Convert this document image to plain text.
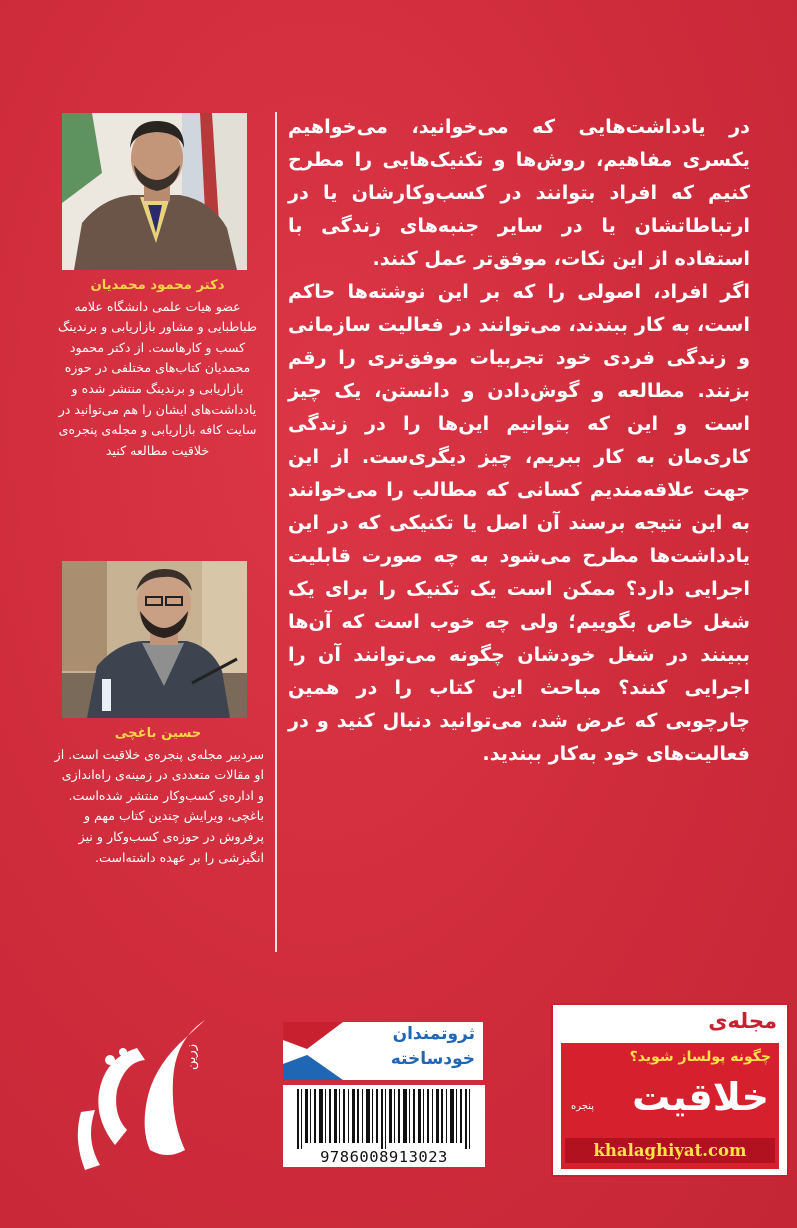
در یادداشت‌هایی که می‌خوانید، می‌خواهیم یکسری مفاهیم، روش‌ها و تکنیک‌هایی را مطرح کنیم که افراد بتوانند در کسب‌وکارشان یا در ارتباطاتشان یا در سایر جنبه‌های زندگی با استفاده از این نکات، موفق‌تر عمل کنند.

اگر افراد، اصولی را که بر این نوشته‌ها حاکم است، به کار ببندند، می‌توانند در فعالیت سازمانی و زندگی فردی خود تجربیات موفق‌تری را رقم بزنند. مطالعه و گوش‌دادن و دانستن، یک چیز است و این که بتوانیم این‌ها را در زندگی کاری‌مان به کار ببریم، چیز دیگری‌ست. از این جهت علاقه‌مندیم کسانی که مطالب را می‌خوانند به این نتیجه برسند آن اصل یا تکنیکی که در این یادداشت‌ها مطرح می‌شود به چه صورت قابلیت اجرایی دارد؟ ممکن است یک تکنیک را برای یک شغل خاص بگوییم؛ ولی چه خوب است که آن‌ها ببینند در شغل خودشان چگونه می‌توانند آن را اجرایی کنند؟ مباحث این کتاب را در همین چارچوبی که عرض شد، می‌توانید دنبال کنید و در فعالیت‌های خود به‌کار ببندید.

دکتر محمود محمدیان
عضو هیات علمی دانشگاه علامه طباطبایی و مشاور بازاریابی و برندینگ کسب و کارهاست. از دکتر محمود محمدیان کتاب‌های مختلفی در حوزه بازاریابی و برندینگ منتشر شده و یادداشت‌های ایشان را هم می‌توانید در سایت کافه بازاریابی و مجله‌ی پنجره‌ی خلاقیت مطالعه کنید
حسین باغچی
سردبیر مجله‌ی پنجره‌ی خلاقیت است. از او مقالات متعددی در زمینه‌ی راه‌اندازی و اداره‌ی کسب‌وکار منتشر شده‌است. باغچی، ویرایش چندین کتاب مهم و پرفروش در حوزه‌ی کسب‌وکار و نیز انگیزشی را بر عهده داشته‌است.
زرین
ثروتمندان
خودساخته
9786008913023
مجله‌ی
چگونه پولساز شوید؟
خلاقیت
پنجره
khalaghiyat.com
